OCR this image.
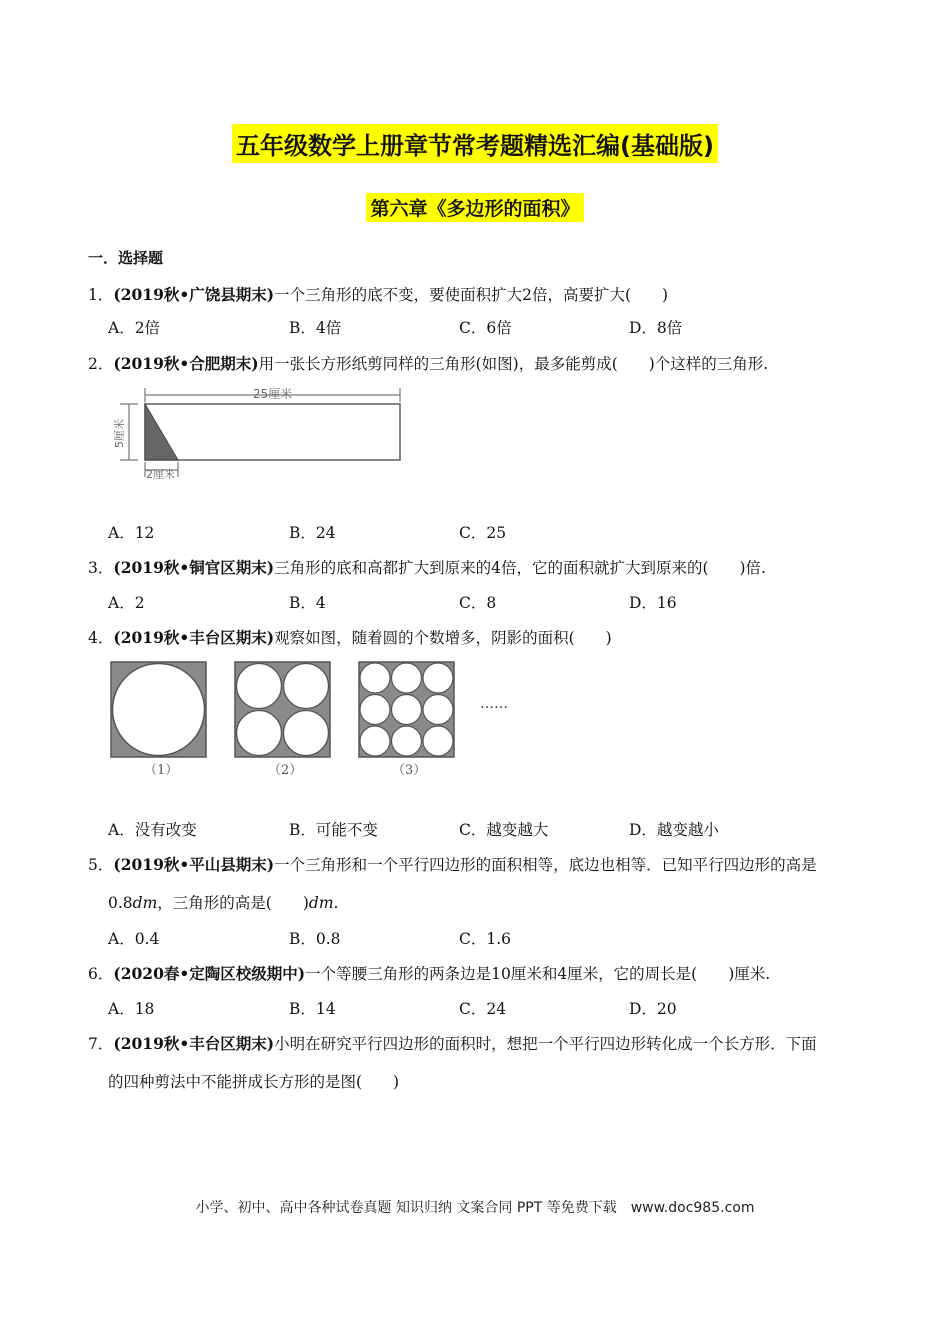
五年级数学上册章节常考题精选汇编(基础版)
第六章《多边形的面积》
一．选择题
1．(2019秋•广饶县期末)一个三角形的底不变，要使面积扩大2倍，高要扩大(　　)
A．2倍	B．4倍	C．6倍	D．8倍
2．(2019秋•合肥期末)用一张长方形纸剪同样的三角形(如图)，最多能剪成(　　)个这样的三角形.
25厘米
5厘米
2厘米
A．12	B．24	C．25
3．(2019秋•铜官区期末)三角形的底和高都扩大到原来的4倍，它的面积就扩大到原来的(　　)倍.
A．2	B．4	C．8	D．16
4．(2019秋•丰台区期末)观察如图，随着圆的个数增多，阴影的面积(　　)
……
（1）	（2）	（3）
A．没有改变	B．可能不变	C．越变越大	D．越变越小
5．(2019秋•平山县期末)一个三角形和一个平行四边形的面积相等，底边也相等．已知平行四边形的高是
0.8dm，三角形的高是(　　)dm.
A．0.4	B．0.8	C．1.6
6．(2020春•定陶区校级期中)一个等腰三角形的两条边是10厘米和4厘米，它的周长是(　　)厘米.
A．18	B．14	C．24	D．20
7．(2019秋•丰台区期末)小明在研究平行四边形的面积时，想把一个平行四边形转化成一个长方形．下面
的四种剪法中不能拼成长方形的是图(　　)
小学、初中、高中各种试卷真题 知识归纳 文案合同 PPT 等免费下载　www.doc985.com
